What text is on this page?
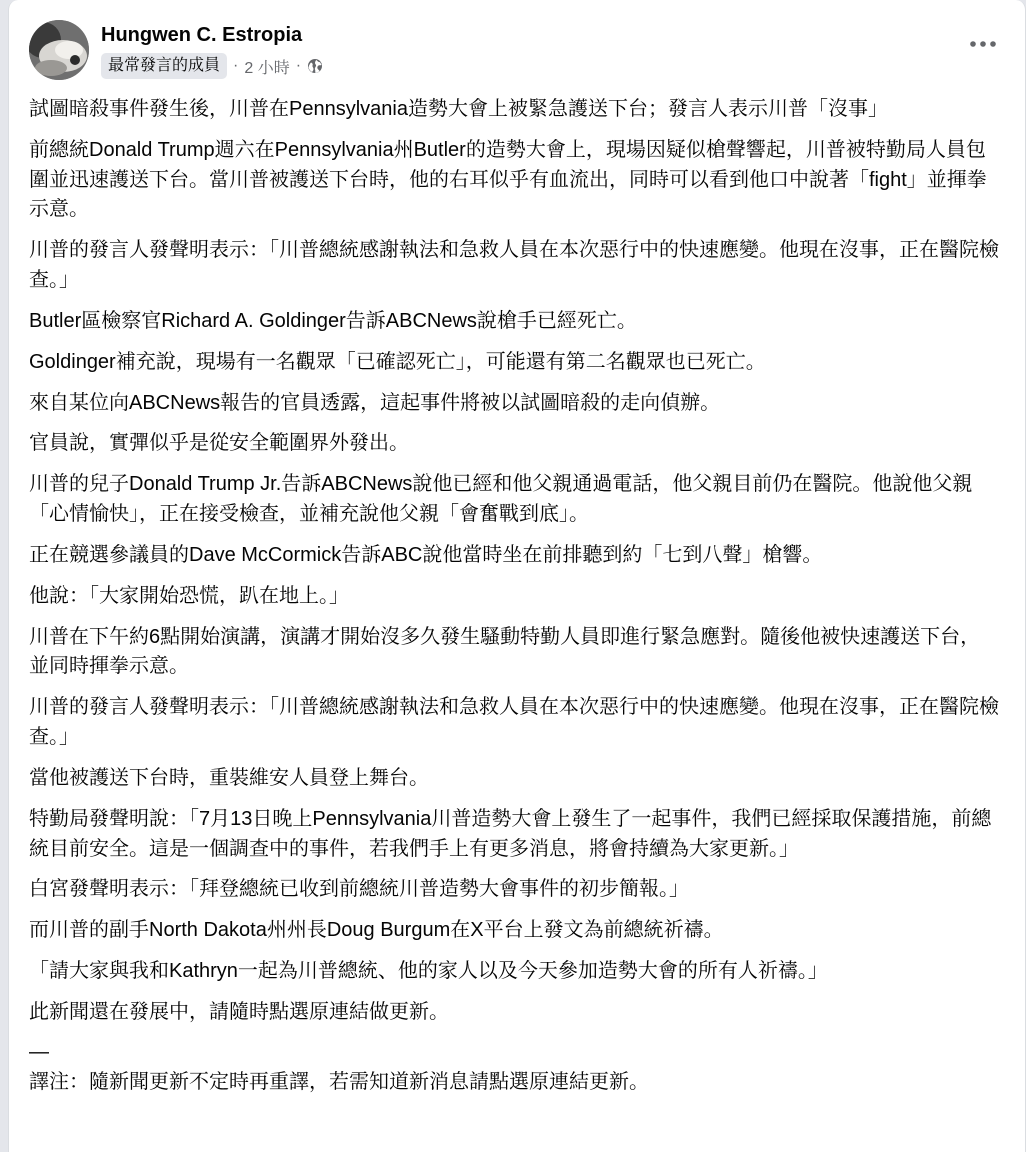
Hungwen C. Estropia
最常發言的成員 · 2 小時 ·

試圖暗殺事件發生後，川普在Pennsylvania造勢大會上被緊急護送下台；發言人表示川普「沒事」

前總統Donald Trump週六在Pennsylvania州Butler的造勢大會上，現場因疑似槍聲響起，川普被特勤局人員包圍並迅速護送下台。當川普被護送下台時，他的右耳似乎有血流出，同時可以看到他口中說著「fight」並揮拳示意。

川普的發言人發聲明表示：「川普總統感謝執法和急救人員在本次惡行中的快速應變。他現在沒事，正在醫院檢查。」

Butler區檢察官Richard A. Goldinger告訴ABCNews說槍手已經死亡。

Goldinger補充說，現場有一名觀眾「已確認死亡」，可能還有第二名觀眾也已死亡。

來自某位向ABCNews報告的官員透露，這起事件將被以試圖暗殺的走向偵辦。

官員說，實彈似乎是從安全範圍界外發出。

川普的兒子Donald Trump Jr.告訴ABCNews說他已經和他父親通過電話，他父親目前仍在醫院。他說他父親「心情愉快」，正在接受檢查，並補充說他父親「會奮戰到底」。

正在競選參議員的Dave McCormick告訴ABC說他當時坐在前排聽到約「七到八聲」槍響。

他說：「大家開始恐慌，趴在地上。」

川普在下午約6點開始演講，演講才開始沒多久發生騷動特勤人員即進行緊急應對。隨後他被快速護送下台，並同時揮拳示意。

川普的發言人發聲明表示：「川普總統感謝執法和急救人員在本次惡行中的快速應變。他現在沒事，正在醫院檢查。」

當他被護送下台時，重裝維安人員登上舞台。

特勤局發聲明說：「7月13日晚上Pennsylvania川普造勢大會上發生了一起事件，我們已經採取保護措施，前總統目前安全。這是一個調查中的事件，若我們手上有更多消息，將會持續為大家更新。」

白宮發聲明表示：「拜登總統已收到前總統川普造勢大會事件的初步簡報。」

而川普的副手North Dakota州州長Doug Burgum在X平台上發文為前總統祈禱。

「請大家與我和Kathryn一起為川普總統、他的家人以及今天參加造勢大會的所有人祈禱。」

此新聞還在發展中，請隨時點選原連結做更新。

—

譯注：隨新聞更新不定時再重譯，若需知道新消息請點選原連結更新。
